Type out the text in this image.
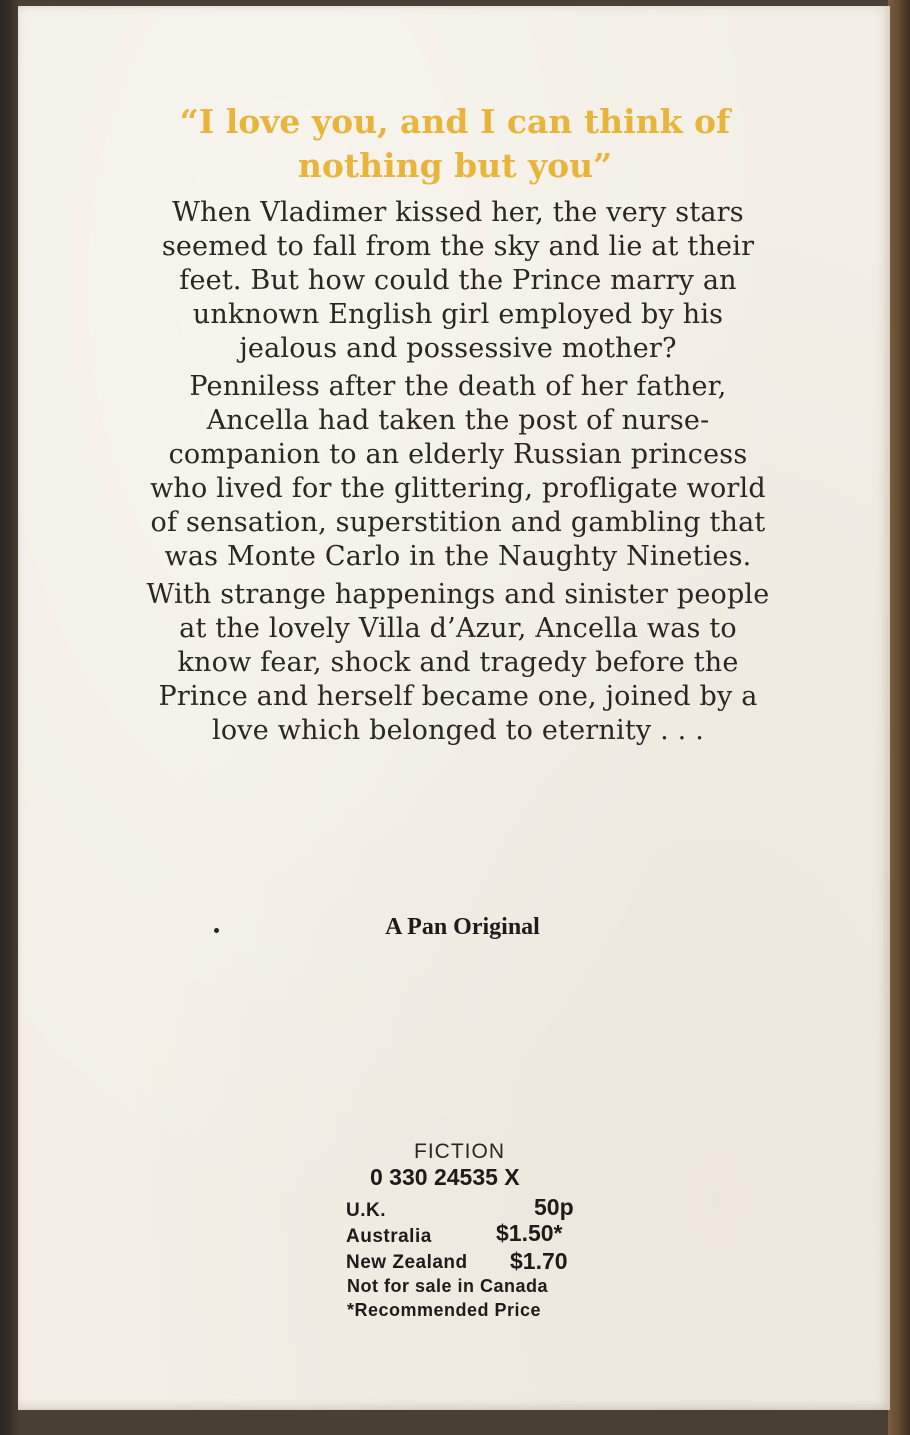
“I love you, and I can think of
nothing but you”
When Vladimer kissed her, the very stars
seemed to fall from the sky and lie at their
feet. But how could the Prince marry an
unknown English girl employed by his
jealous and possessive mother?
Penniless after the death of her father,
Ancella had taken the post of nurse-
companion to an elderly Russian princess
who lived for the glittering, profligate world
of sensation, superstition and gambling that
was Monte Carlo in the Naughty Nineties.
With strange happenings and sinister people
at the lovely Villa d’Azur, Ancella was to
know fear, shock and tragedy before the
Prince and herself became one, joined by a
love which belonged to eternity . . .
A Pan Original
FICTION
0 330 24535 X
U.K.	50p
Australia	$1.50*
New Zealand $1.70
Not for sale in Canada
*Recommended Price
